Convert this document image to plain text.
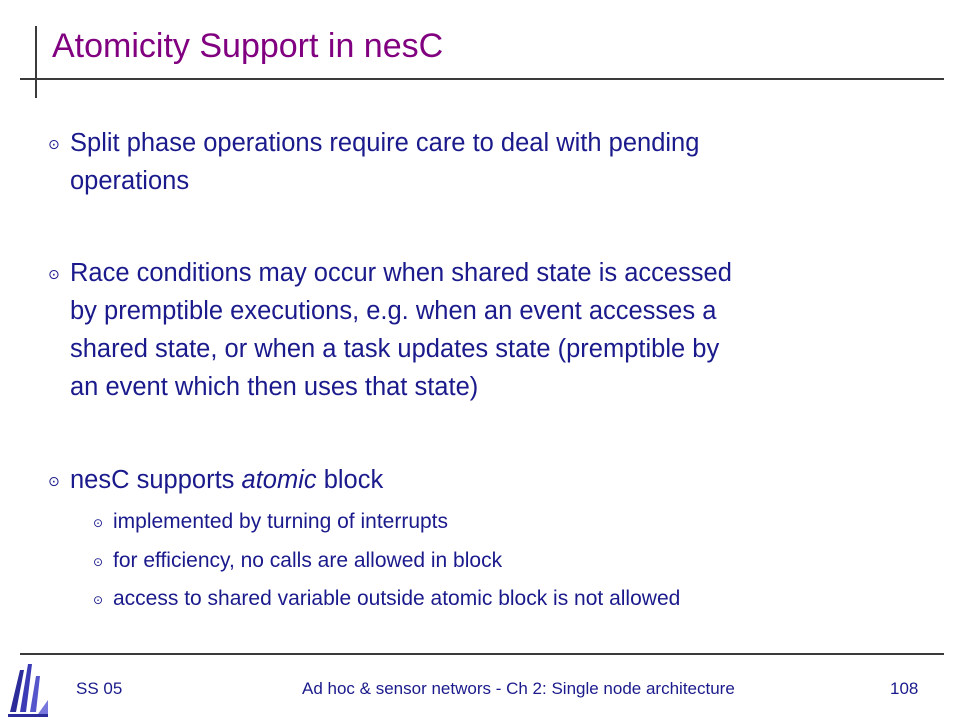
Atomicity Support in nesC
⊙ Split phase operations require care to deal with pending
operations
⊙ Race conditions may occur when shared state is accessed
by premptible executions, e.g. when an event accesses a
shared state, or when a task updates state (premptible by
an event which then uses that state)
⊙ nesC supports atomic block
⊙ implemented by turning of interrupts
⊙ for efficiency, no calls are allowed in block
⊙ access to shared variable outside atomic block is not allowed
SS 05	Ad hoc & sensor networs - Ch 2: Single node architecture	108
